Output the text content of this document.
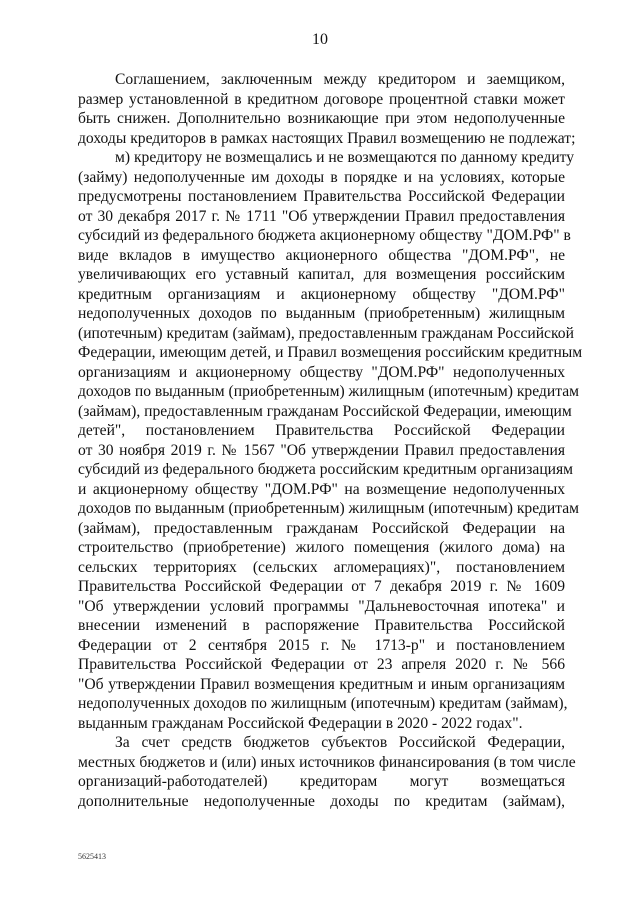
10
Соглашением, заключенным между кредитором и заемщиком,
размер установленной в кредитном договоре процентной ставки может
быть снижен. Дополнительно возникающие при этом недополученные
доходы кредиторов в рамках настоящих Правил возмещению не подлежат;
м) кредитору не возмещались и не возмещаются по данному кредиту
(займу) недополученные им доходы в порядке и на условиях, которые
предусмотрены постановлением Правительства Российской Федерации
от 30 декабря 2017 г. № 1711 "Об утверждении Правил предоставления
субсидий из федерального бюджета акционерному обществу "ДОМ.РФ" в
виде вкладов в имущество акционерного общества "ДОМ.РФ", не
увеличивающих его уставный капитал, для возмещения российским
кредитным организациям и акционерному обществу "ДОМ.РФ"
недополученных доходов по выданным (приобретенным) жилищным
(ипотечным) кредитам (займам), предоставленным гражданам Российской
Федерации, имеющим детей, и Правил возмещения российским кредитным
организациям и акционерному обществу "ДОМ.РФ" недополученных
доходов по выданным (приобретенным) жилищным (ипотечным) кредитам
(займам), предоставленным гражданам Российской Федерации, имеющим
детей", постановлением Правительства Российской Федерации
от 30 ноября 2019 г. № 1567 "Об утверждении Правил предоставления
субсидий из федерального бюджета российским кредитным организациям
и акционерному обществу "ДОМ.РФ" на возмещение недополученных
доходов по выданным (приобретенным) жилищным (ипотечным) кредитам
(займам), предоставленным гражданам Российской Федерации на
строительство (приобретение) жилого помещения (жилого дома) на
сельских территориях (сельских агломерациях)", постановлением
Правительства Российской Федерации от 7 декабря 2019 г. № 1609
"Об утверждении условий программы "Дальневосточная ипотека" и
внесении изменений в распоряжение Правительства Российской
Федерации от 2 сентября 2015 г. № 1713-р" и постановлением
Правительства Российской Федерации от 23 апреля 2020 г. № 566
"Об утверждении Правил возмещения кредитным и иным организациям
недополученных доходов по жилищным (ипотечным) кредитам (займам),
выданным гражданам Российской Федерации в 2020 - 2022 годах".
За счет средств бюджетов субъектов Российской Федерации,
местных бюджетов и (или) иных источников финансирования (в том числе
организаций-работодателей) кредиторам могут возмещаться
дополнительные недополученные доходы по кредитам (займам),
5625413
